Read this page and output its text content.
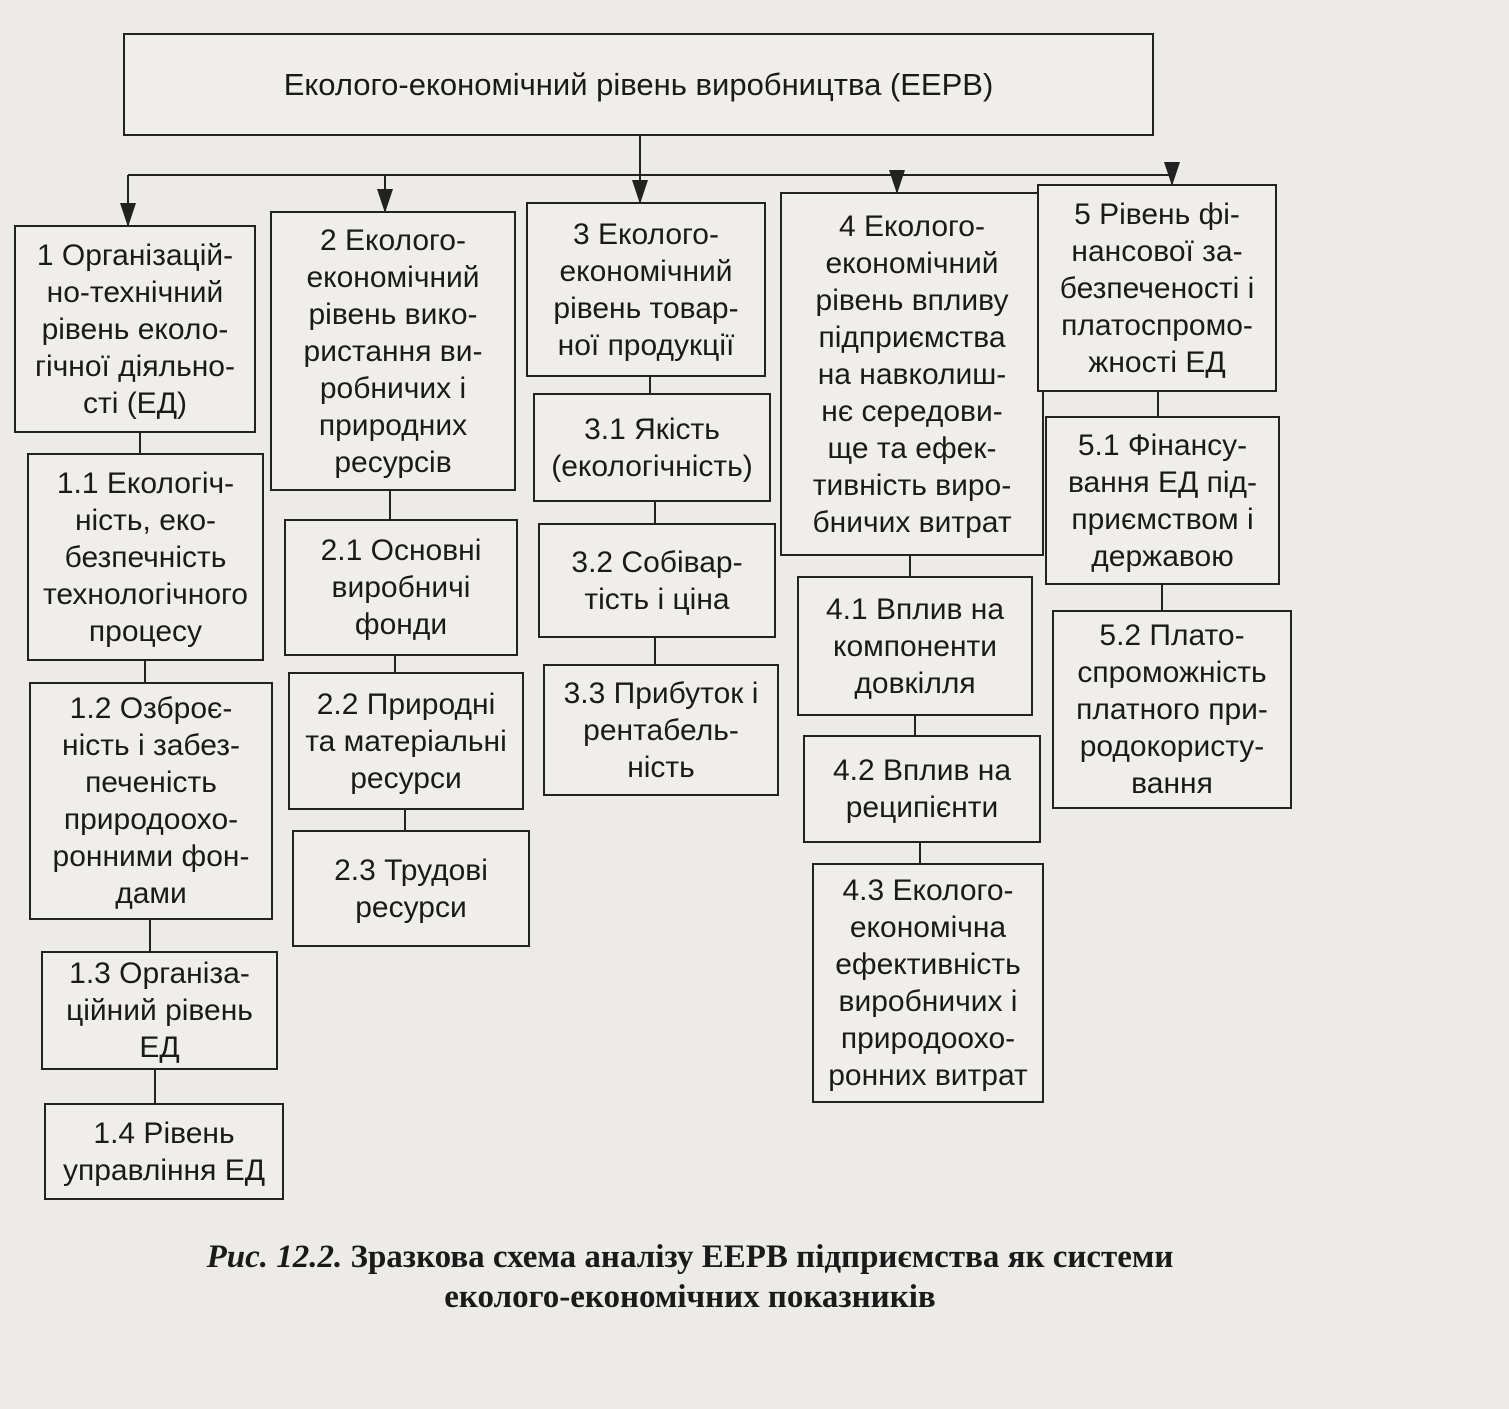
Еколого-економічний рівень виробництва (ЕЕРВ)
1 Організацій-
но-технічний
рівень еколо-
гічної діяльно-
сті (ЕД)
1.1 Екологіч-
ність, еко-
безпечність
технологічного
процесу
1.2 Озброє-
ність і забез-
печеність
природоохо-
ронними фон-
дами
1.3 Організа-
ційний рівень
ЕД
1.4 Рівень
управління ЕД
2 Еколого-
економічний
рівень вико-
ристання ви-
робничих і
природних
ресурсів
2.1 Основні
виробничі
фонди
2.2 Природні
та матеріальні
ресурси
2.3 Трудові
ресурси
3 Еколого-
економічний
рівень товар-
ної продукції
3.1 Якість
(екологічність)
3.2 Собівар-
тість і ціна
3.3 Прибуток і
рентабель-
ність
4 Еколого-
економічний
рівень впливу
підприємства
на навколиш-
нє середови-
ще та ефек-
тивність виро-
бничих витрат
4.1 Вплив на
компоненти
довкілля
4.2 Вплив на
реципієнти
4.3 Еколого-
економічна
ефективність
виробничих і
природоохо-
ронних витрат
5 Рівень фі-
нансової за-
безпеченості і
платоспромо-
жності ЕД
5.1 Фінансу-
вання ЕД під-
приємством і
державою
5.2 Плато-
спроможність
платного при-
родокористу-
вання
Рис. 12.2. Зразкова схема аналізу ЕЕРВ підприємства як системи
еколого-економічних показників
